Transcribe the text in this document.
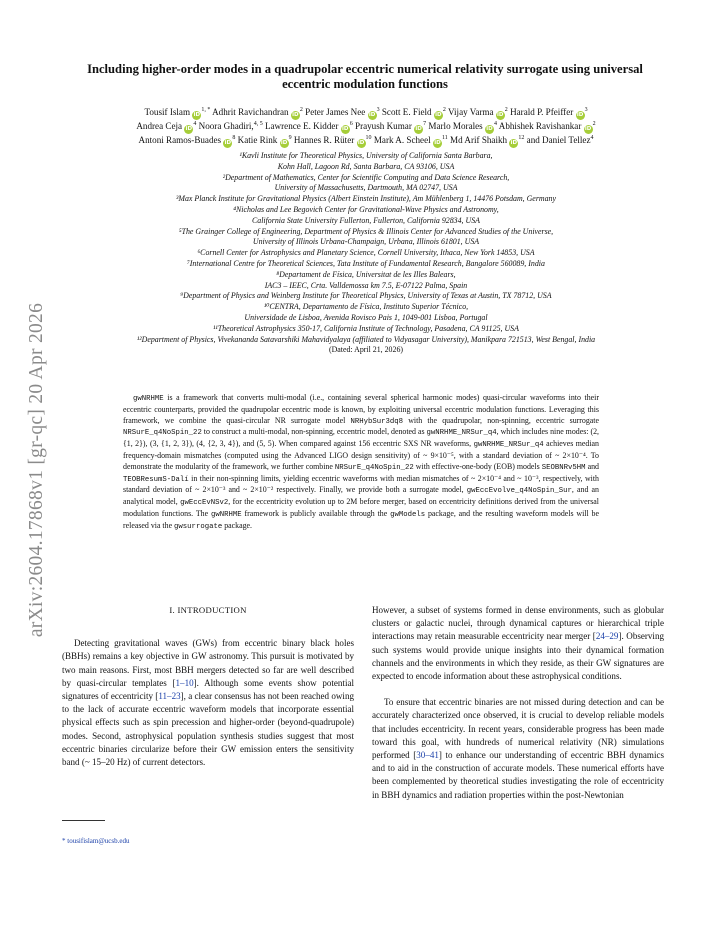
arXiv:2604.17868v1 [gr-qc] 20 Apr 2026
Including higher-order modes in a quadrupolar eccentric numerical relativity surrogate using universal eccentric modulation functions
Tousif Islam $iD^{1, *}$ Adhrit Ravichandran $iD^2$ Peter James Nee $iD^3$ Scott E. Field $iD^2$ Vijay Varma $iD^2$ Harald P. Pfeiffer $iD^3$
Andrea Ceja $iD^4$ Noora Ghadiri,$^{4, 5}$ Lawrence E. Kidder $iD^6$ Prayush Kumar $iD^7$ Marlo Morales $iD^4$ Abhishek Ravishankar $iD^2$
Antoni Ramos-Buades $iD^8$ Katie Rink $iD^9$ Hannes R. Rüter $iD^{10}$ Mark A. Scheel $iD^{11}$ Md Arif Shaikh $iD^{12}$ and Daniel Tellez$^4$
¹Kavli Institute for Theoretical Physics, University of California Santa Barbara,
Kohn Hall, Lagoon Rd, Santa Barbara, CA 93106, USA
²Department of Mathematics, Center for Scientific Computing and Data Science Research,
University of Massachusetts, Dartmouth, MA 02747, USA
³Max Planck Institute for Gravitational Physics (Albert Einstein Institute), Am Mühlenberg 1, 14476 Potsdam, Germany
⁴Nicholas and Lee Begovich Center for Gravitational-Wave Physics and Astronomy,
California State University Fullerton, Fullerton, California 92834, USA
⁵The Grainger College of Engineering, Department of Physics & Illinois Center for Advanced Studies of the Universe,
University of Illinois Urbana-Champaign, Urbana, Illinois 61801, USA
⁶Cornell Center for Astrophysics and Planetary Science, Cornell University, Ithaca, New York 14853, USA
⁷International Centre for Theoretical Sciences, Tata Institute of Fundamental Research, Bangalore 560089, India
⁸Departament de Física, Universitat de les Illes Balears,
IAC3 – IEEC, Crta. Valldemossa km 7.5, E-07122 Palma, Spain
⁹Department of Physics and Weinberg Institute for Theoretical Physics, University of Texas at Austin, TX 78712, USA
¹⁰CENTRA, Departamento de Física, Instituto Superior Técnico,
Universidade de Lisboa, Avenida Rovisco Pais 1, 1049-001 Lisboa, Portugal
¹¹Theoretical Astrophysics 350-17, California Institute of Technology, Pasadena, CA 91125, USA
¹²Department of Physics, Vivekananda Satavarshiki Mahavidyalaya (affiliated to Vidyasagar University), Manikpara 721513, West Bengal, India
(Dated: April 21, 2026)
gwNRHME is a framework that converts multi-modal (i.e., containing several spherical harmonic modes) quasi-circular waveforms into their eccentric counterparts, provided the quadrupolar eccentric mode is known, by exploiting universal eccentric modulation functions. Leveraging this framework, we combine the quasi-circular NR surrogate model NRHybSur3dq8 with the quadrupolar, non-spinning, eccentric surrogate NRSurE_q4NoSpin_22 to construct a multi-modal, non-spinning, eccentric model, denoted as gwNRHME_NRSur_q4, which includes nine modes: (2, {1, 2}), (3, {1, 2, 3}), (4, {2, 3, 4}), and (5, 5). When compared against 156 eccentric SXS NR waveforms, gwNRHME_NRSur_q4 achieves median frequency-domain mismatches (computed using the Advanced LIGO design sensitivity) of ~ 9×10⁻⁵, with a standard deviation of ~ 2×10⁻⁴. To demonstrate the modularity of the framework, we further combine NRSurE_q4NoSpin_22 with effective-one-body (EOB) models SEOBNRv5HM and TEOBResumS-Dalí in their non-spinning limits, yielding eccentric waveforms with median mismatches of ~ 2×10⁻⁴ and ~ 10⁻³, respectively, with standard deviation of ~ 2×10⁻³ and ~ 2×10⁻² respectively. Finally, we provide both a surrogate model, gwEccEvolve_q4NoSpin_Sur, and an analytical model, gwEccEvNSv2, for the eccentricity evolution up to 2M before merger, based on eccentricity definitions derived from the universal modulation functions. The gwNRHME framework is publicly available through the gwModels package, and the resulting waveform models will be released via the gwsurrogate package.
I. INTRODUCTION

Detecting gravitational waves (GWs) from eccentric binary black holes (BBHs) remains a key objective in GW astronomy. This pursuit is motivated by two main reasons. First, most BBH mergers detected so far are well described by quasi-circular templates [1–10]. Although some events show potential signatures of eccentricity [11–23], a clear consensus has not been reached owing to the lack of accurate eccentric waveform models that incorporate essential physical effects such as spin precession and higher-order (beyond-quadrupole) modes. Second, astrophysical population synthesis studies suggest that most eccentric binaries circularize before their GW emission enters the sensitivity band (~ 15–20 Hz) of current detectors.

However, a subset of systems formed in dense environments, such as globular clusters or galactic nuclei, through dynamical captures or hierarchical triple interactions may retain measurable eccentricity near merger [24–29]. Observing such systems would provide unique insights into their dynamical formation channels and the environments in which they reside, as their GW signatures are expected to encode information about these astrophysical conditions.

To ensure that eccentric binaries are not missed during detection and can be accurately characterized once observed, it is crucial to develop reliable models that includes eccentricity. In recent years, considerable progress has been made toward this goal, with hundreds of numerical relativity (NR) simulations performed [30–41] to enhance our understanding of eccentric BBH dynamics and to aid in the construction of accurate models. These numerical efforts have been complemented by theoretical studies investigating the role of eccentricity in BBH dynamics and radiation properties within the post-Newtonian

* tousifislam@ucsb.edu
